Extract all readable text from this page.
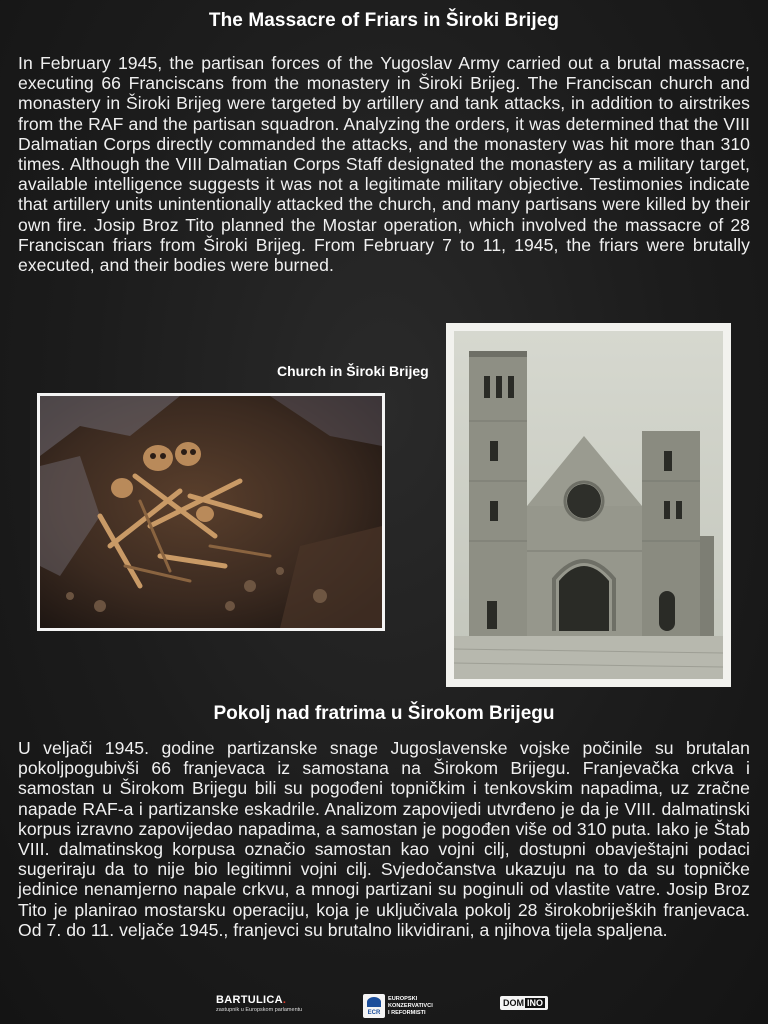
The Massacre of Friars in Široki Brijeg

In February 1945, the partisan forces of the Yugoslav Army carried out a brutal massacre, executing 66 Franciscans from the monastery in Široki Brijeg. The Franciscan church and monastery in Široki Brijeg were targeted by artillery and tank attacks, in addition to airstrikes from the RAF and the partisan squadron. Analyzing the orders, it was determined that the VIII Dalmatian Corps directly commanded the attacks, and the monastery was hit more than 310 times. Although the VIII Dalmatian Corps Staff designated the monastery as a military target, available intelligence suggests it was not a legitimate military objective. Testimonies indicate that artillery units unintentionally attacked the church, and many partisans were killed by their own fire. Josip Broz Tito planned the Mostar operation, which involved the massacre of 28 Franciscan friars from Široki Brijeg. From February 7 to 11, 1945, the friars were brutally executed, and their bodies were burned.

Church in Široki Brijeg
Pokolj nad fratrima u Širokom Brijegu

U veljači 1945. godine partizanske snage Jugoslavenske vojske počinile su brutalan pokoljpogubivši 66 franjevaca iz samostana na Širokom Brijegu. Franjevačka crkva i samostan u Širokom Brijegu bili su pogođeni topničkim i tenkovskim napadima, uz zračne napade RAF-a i partizanske eskadrile. Analizom zapovijedi utvrđeno je da je VIII. dalmatinski korpus izravno zapovijedao napadima, a samostan je pogođen više od 310 puta. Iako je Štab VIII. dalmatinskog korpusa označio samostan kao vojni cilj, dostupni obavještajni podaci sugeriraju da to nije bio legitimni vojni cilj. Svjedočanstva ukazuju na to da su topničke jedinice nenamjerno napale crkvu, a mnogi partizani su poginuli od vlastite vatre. Josip Broz Tito je planirao mostarsku operaciju, koja je uključivala pokolj 28 širokobrijeških franjevaca. Od 7. do 11. veljače 1945., franjevci su brutalno likvidirani, a njihova tijela spaljena.

BARTULICA.
zastupnik u Europskom parlamentu	ECR
EUROPSKI
KONZERVATIVCI
I REFORMISTI
DOM INO
